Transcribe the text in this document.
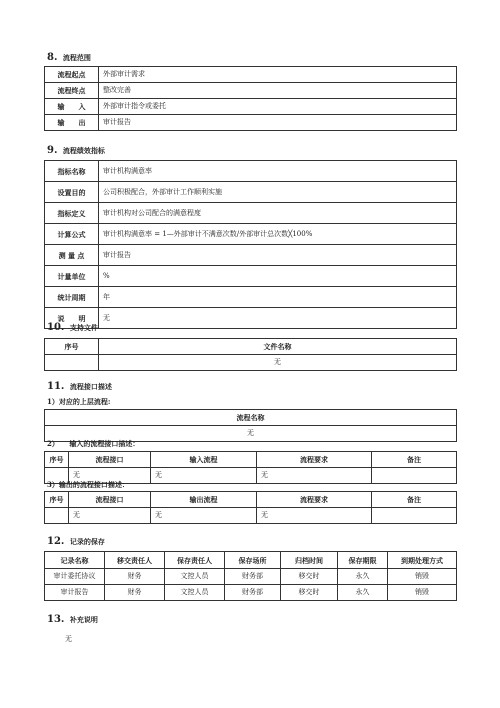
8. 流程范围
流程起点	外部审计需求
流程终点	整改完善
输　　入	外部审计指令或委托
输　　出	审计报告
9. 流程绩效指标
指标名称	审计机构满意率
设置目的	公司积极配合，外部审计工作顺利实施
指标定义	审计机构对公司配合的满意程度
计算公式	审计机构满意率 = 1—外部审计不满意次数/外部审计总次数╳100%
测 量 点	审计报告
计量单位	%
统计周期	年
说　　明	无
10. 支持文件
序号	文件名称
	无
11. 流程接口描述
1）对应的上层流程:
流程名称
无
2）　　输入的流程接口描述：
序号	流程接口	输入流程	流程要求	备注
	无	无	无	
3）输出的流程接口描述：
序号	流程接口	输出流程	流程要求	备注
	无	无	无	
12. 记录的保存
记录名称	移交责任人	保存责任人	保存场所	归档时间	保存期限	到期处理方式
审计委托协议	财务	文控人员	财务部	移交时	永久	销毁
审计报告	财务	文控人员	财务部	移交时	永久	销毁
13. 补充说明
无
